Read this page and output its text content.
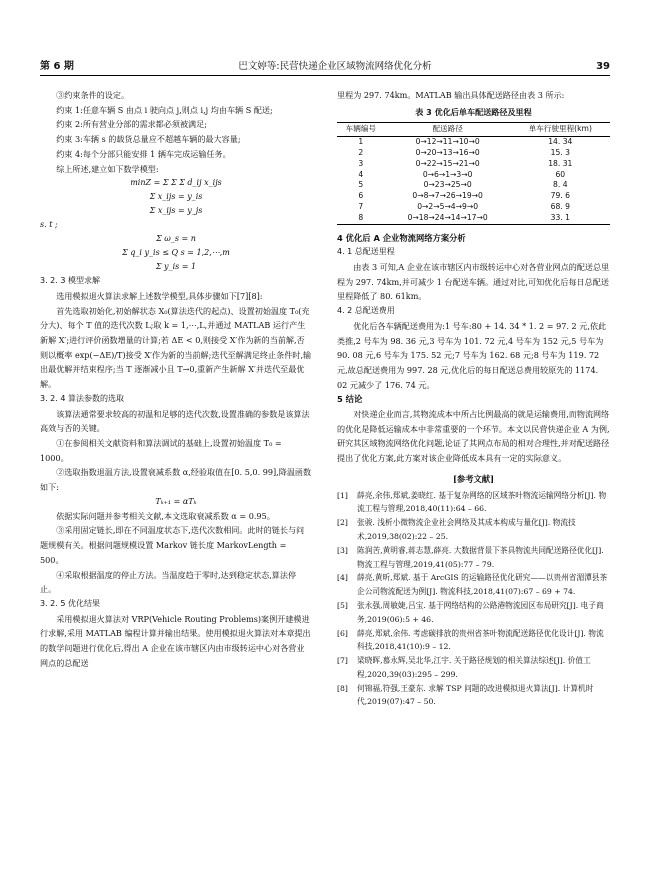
第 6 期	巴文婷等:民营快递企业区域物流网络优化分析	39

③约束条件的设定。

约束 1:任意车辆 S 由点 i 驶向点 j,则点 i,j 均由车辆 S 配送;

约束 2:所有营业分部的需求都必须被满足;

约束 3:车辆 s 的载货总量应不超越车辆的最大容量;

约束 4:每个分部只能安排 1 辆车完成运输任务。

综上所述,建立如下数学模型:

minZ = Σ Σ Σ d_ij x_ijs

Σ x_ijs = y_is

Σ x_ijs = y_js

s. t ;

Σ ω_s = n

Σ q_i y_is ≤ Q s = 1,2,⋯,m

Σ y_is = 1

3. 2. 3 模型求解

选用模拟退火算法求解上述数学模型,具体步骤如下[7][8]:

首先选取初始化,初始解状态 X₀(算法迭代的起点)、设置初始温度 T₀(充分大)、每个 T 值的迭代次数 L;取 k = 1,⋯,L,并通过 MATLAB 运行产生新解 X′;进行评价函数增量的计算;若 ΔE < 0,则接受 X′作为新的当前解,否则以概率 exp(−ΔE)/T)接受 X′作为新的当前解;迭代至解满足终止条件时,输出最优解并结束程序;当 T 逐渐减小且 T→0,重新产生新解 X′并迭代至最优解。

3. 2. 4 算法参数的选取

该算法通常要求较高的初温和足够的迭代次数,设置准确的参数是该算法高效与否的关键。

①在参阅相关文献资料和算法调试的基础上,设置初始温度 T₀ = 1000。

②选取指数退温方法,设置衰减系数 α,经验取值在[0. 5,0. 99],降温函数如下:

Tₖ₊₁ = αTₖ

依据实际问题并参考相关文献,本文选取衰减系数 α = 0.95。

③采用固定链长,即在不同温度状态下,迭代次数相同。此时的链长与问题规模有关。根据问题规模设置 Markov 链长度 MarkovLength = 500。

④采取根据温度的停止方法。当温度趋于零时,达到稳定状态,算法停止。

3. 2. 5 优化结果

采用模拟退火算法对 VRP(Vehicle Routing Problems)案例开建模进行求解,采用 MATLAB 编程计算并输出结果。使用模拟退火算法对本章提出的数学问题进行优化后,得出 A 企业在该市辖区内由市级转运中心对各营业网点的总配送

里程为 297. 74km。MATLAB 输出具体配送路径由表 3 所示:

表 3 优化后单车配送路径及里程

车辆编号	配送路径	单车行驶里程(km)
1	0→12→11→10→0	14. 34
2	0→20→13→16→0	15. 3
3	0→22→15→21→0	18. 31
4	0→6→1→3→0	60
5	0→23→25→0	8. 4
6	0→8→7→26→19→0	79. 6
7	0→2→5→4→9→0	68. 9
8	0→18→24→14→17→0	33. 1

4 优化后 A 企业物流网络方案分析

4. 1 总配送里程

由表 3 可知,A 企业在该市辖区内市级转运中心对各营业网点的配送总里程为 297. 74km,并可减少 1 台配送车辆。通过对比,可知优化后每日总配送里程降低了 80. 61km。

4. 2 总配送费用

优化后各车辆配送费用为:1 号车:80 + 14. 34 * 1. 2 = 97. 2 元,依此类推,2 号车为 98. 36 元,3 号车为 101. 72 元,4 号车为 152 元,5 号车为 90. 08 元,6 号车为 175. 52 元;7 号车为 162. 68 元;8 号车为 119. 72 元,故总配送费用为 997. 28 元,优化后的每日配送总费用较原先的 1174. 02 元减少了 176. 74 元。

5 结论

对快递企业而言,其物流成本中所占比例最高的就是运输费用,而物流网络的优化是降低运输成本中非常重要的一个环节。本文以民营快递企业 A 为例,研究其区域物流网络优化问题,论证了其网点布局的相对合理性,并对配送路径提出了优化方案,此方案对该企业降低成本具有一定的实际意义。

[参考文献]

[1]	薛亮,余伟,郑斌,姜晓红. 基于复杂网络的区域茶叶物流运输网络分析[J]. 物流工程与管理,2018,40(11):64 – 66.
[2]	张骏. 浅析小微物流企业社会网络及其成本构成与量化[J]. 物流技术,2019,38(02):22 – 25.
[3]	陈润苦,黄明睿,蒋志慧,薛亮. 大数据背景下茶具物流共同配送路径优化[J]. 物流工程与管理,2019,41(05):77 – 79.
[4]	薛亮,黄昕,郑斌. 基于 ArcGIS 的运输路径优化研究——以贵州省湄潭县茶企公司物流配送为例[J]. 物流科技,2018,41(07):67 – 69 + 74.
[5]	张永强,周敏婕,吕宝. 基于网络结构的公路港物流园区布局研究[J]. 电子商务,2019(06):5 + 46.
[6]	薛亮,郑斌,余伟. 考虑碳排放的贵州省茶叶物流配送路径优化设计[J]. 物流科技,2018,41(10):9 – 12.
[7]	梁晓晖,慕永辉,吴北华,江宇. 关于路径规划的相关算法综述[J]. 价值工程,2020,39(03):295 – 299.
[8]	何锦福,符强,王豪东. 求解 TSP 问题的改进模拟退火算法[J]. 计算机时代,2019(07):47 – 50.
